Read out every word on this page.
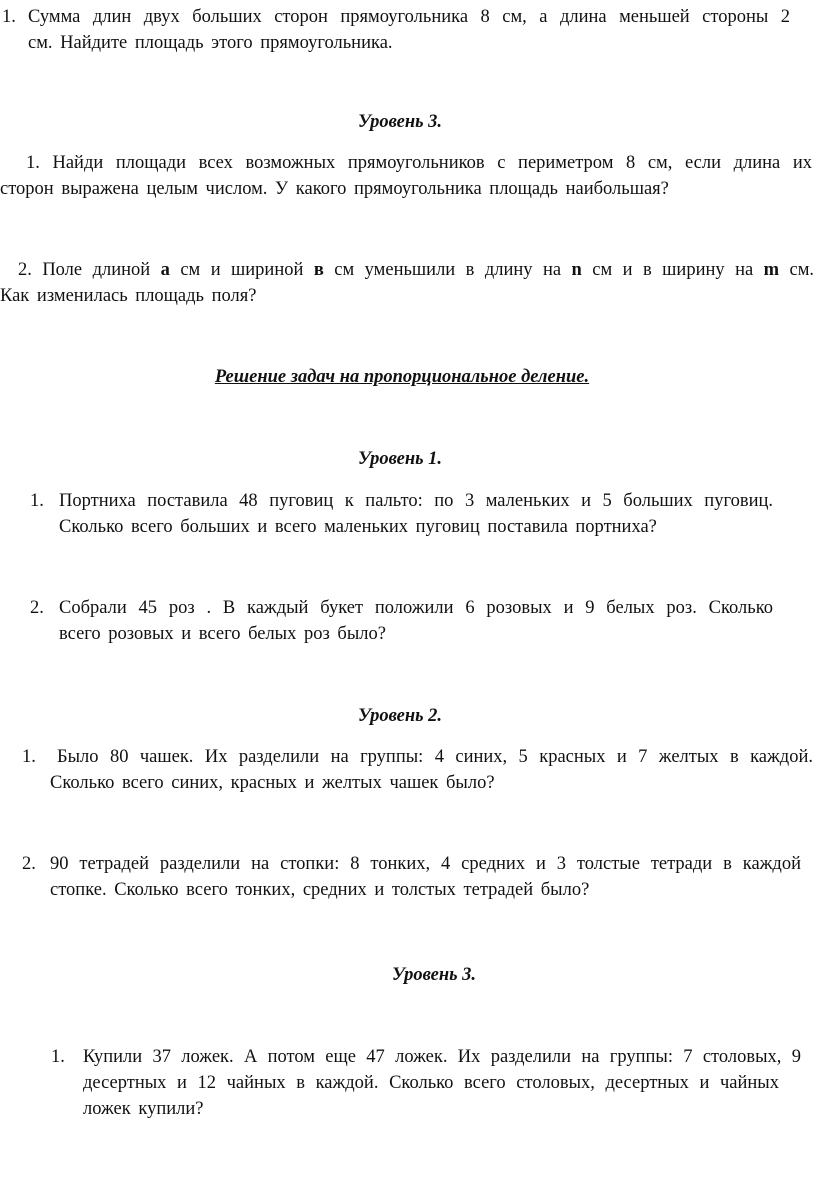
1. Сумма длин двух больших сторон прямоугольника 8 см, а длина меньшей стороны 2
см. Найдите площадь этого прямоугольника.
Уровень 3.
1. Найди площади всех возможных прямоугольников с периметром 8 см, если длина их
сторон выражена целым числом. У какого прямоугольника площадь наибольшая?
2. Поле длиной а см и шириной в см уменьшили в длину на n см и в ширину на m см.
Как изменилась площадь поля?
Решение задач на пропорциональное деление.
Уровень 1.
1. Портниха поставила 48 пуговиц к пальто: по 3 маленьких и 5 больших пуговиц.
Сколько всего больших и всего маленьких пуговиц поставила портниха?
2. Собрали 45 роз . В каждый букет положили 6 розовых и 9 белых роз. Сколько
всего розовых и всего белых роз было?
Уровень 2.
1. Было 80 чашек. Их разделили на группы: 4 синих, 5 красных и 7 желтых в каждой.
Сколько всего синих, красных и желтых чашек было?
2. 90 тетрадей разделили на стопки: 8 тонких, 4 средних и 3 толстые тетради в каждой
стопке. Сколько всего тонких, средних и толстых тетрадей было?
Уровень 3.
1. Купили 37 ложек. А потом еще 47 ложек. Их разделили на группы: 7 столовых, 9
десертных и 12 чайных в каждой. Сколько всего столовых, десертных и чайных
ложек купили?
